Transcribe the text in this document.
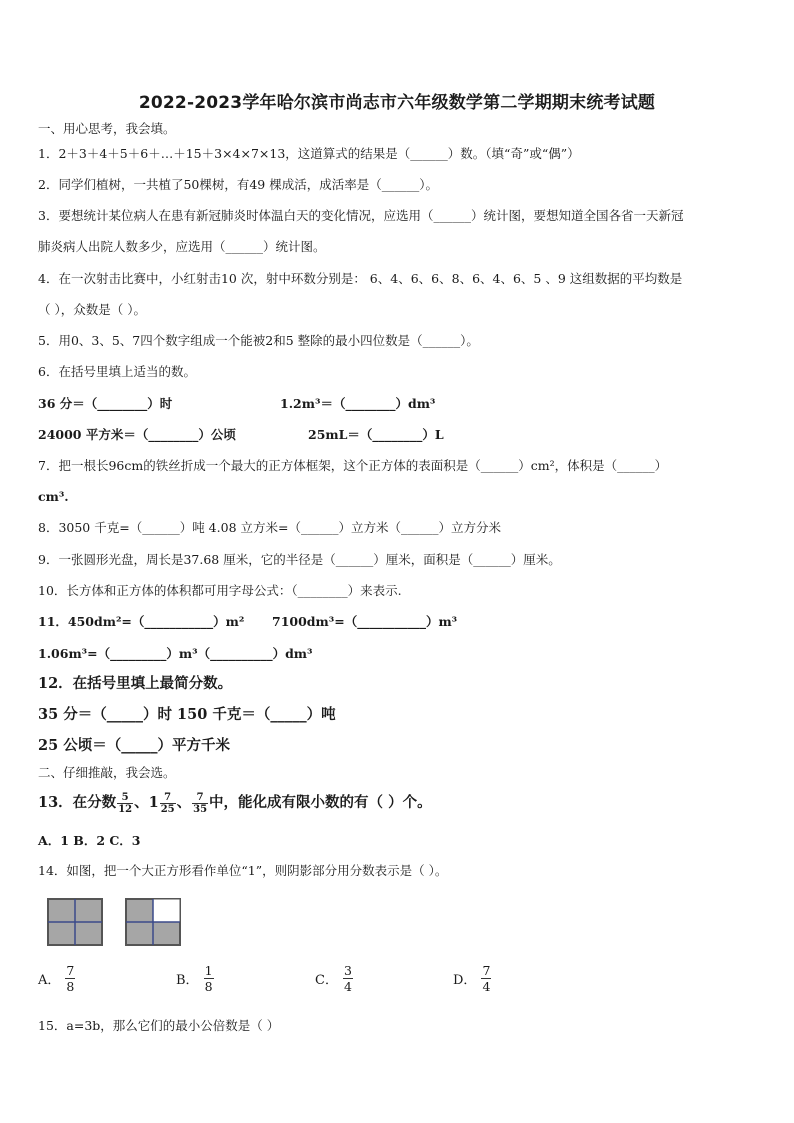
2022-2023学年哈尔滨市尚志市六年级数学第二学期期末统考试题
一、用心思考，我会填。
1．2＋3＋4＋5＋6＋…＋15＋3×4×7×13，这道算式的结果是（______）数。（填“奇”或“偶”）
2．同学们植树，一共植了50棵树，有49 棵成活，成活率是（______）。
3．要想统计某位病人在患有新冠肺炎时体温白天的变化情况，应选用（______）统计图，要想知道全国各省一天新冠
肺炎病人出院人数多少，应选用（______）统计图。
4．在一次射击比赛中，小红射击10 次，射中环数分别是： 6、4、6、6、8、6、4、6、5 、9 这组数据的平均数是
（ ），众数是（ ）。
5．用0、3、5、7四个数字组成一个能被2和5 整除的最小四位数是（______）。
6．在括号里填上适当的数。
36 分＝（________）时	1.2m³＝（________）dm³
24000 平方米＝（________）公顷	25mL＝（________）L
7．把一根长96cm的铁丝折成一个最大的正方体框架，这个正方体的表面积是（______）cm²，体积是（______）
cm³.
8．3050 千克=（______）吨 4.08 立方米=（______）立方米（______）立方分米
9．一张圆形光盘，周长是37.68 厘米，它的半径是（______）厘米，面积是（______）厘米。
10．长方体和正方体的体积都可用字母公式：（________）来表示.
11．450dm²=（___________）m² 7100dm³=（___________）m³
1.06m³=（_________）m³（__________）dm³
12．在括号里填上最简分数。
35 分＝（_____）时 150 千克＝（_____）吨
25 公顷＝（_____）平方千米
二、仔细推敲，我会选。
13．在分数 $\frac{5}{12}$ 、$1 \frac{7}{25}$ 、 $\frac{7}{35}$ 中，能化成有限小数的有（ ）个。
A．1 B．2 C．3
14．如图，把一个大正方形看作单位“1”，则阴影部分用分数表示是（ ）。
A． $\frac{7}{8}$	B． $\frac{1}{8}$	C． $\frac{3}{4}$	D． $\frac{7}{4}$
15．a=3b，那么它们的最小公倍数是（ ）
